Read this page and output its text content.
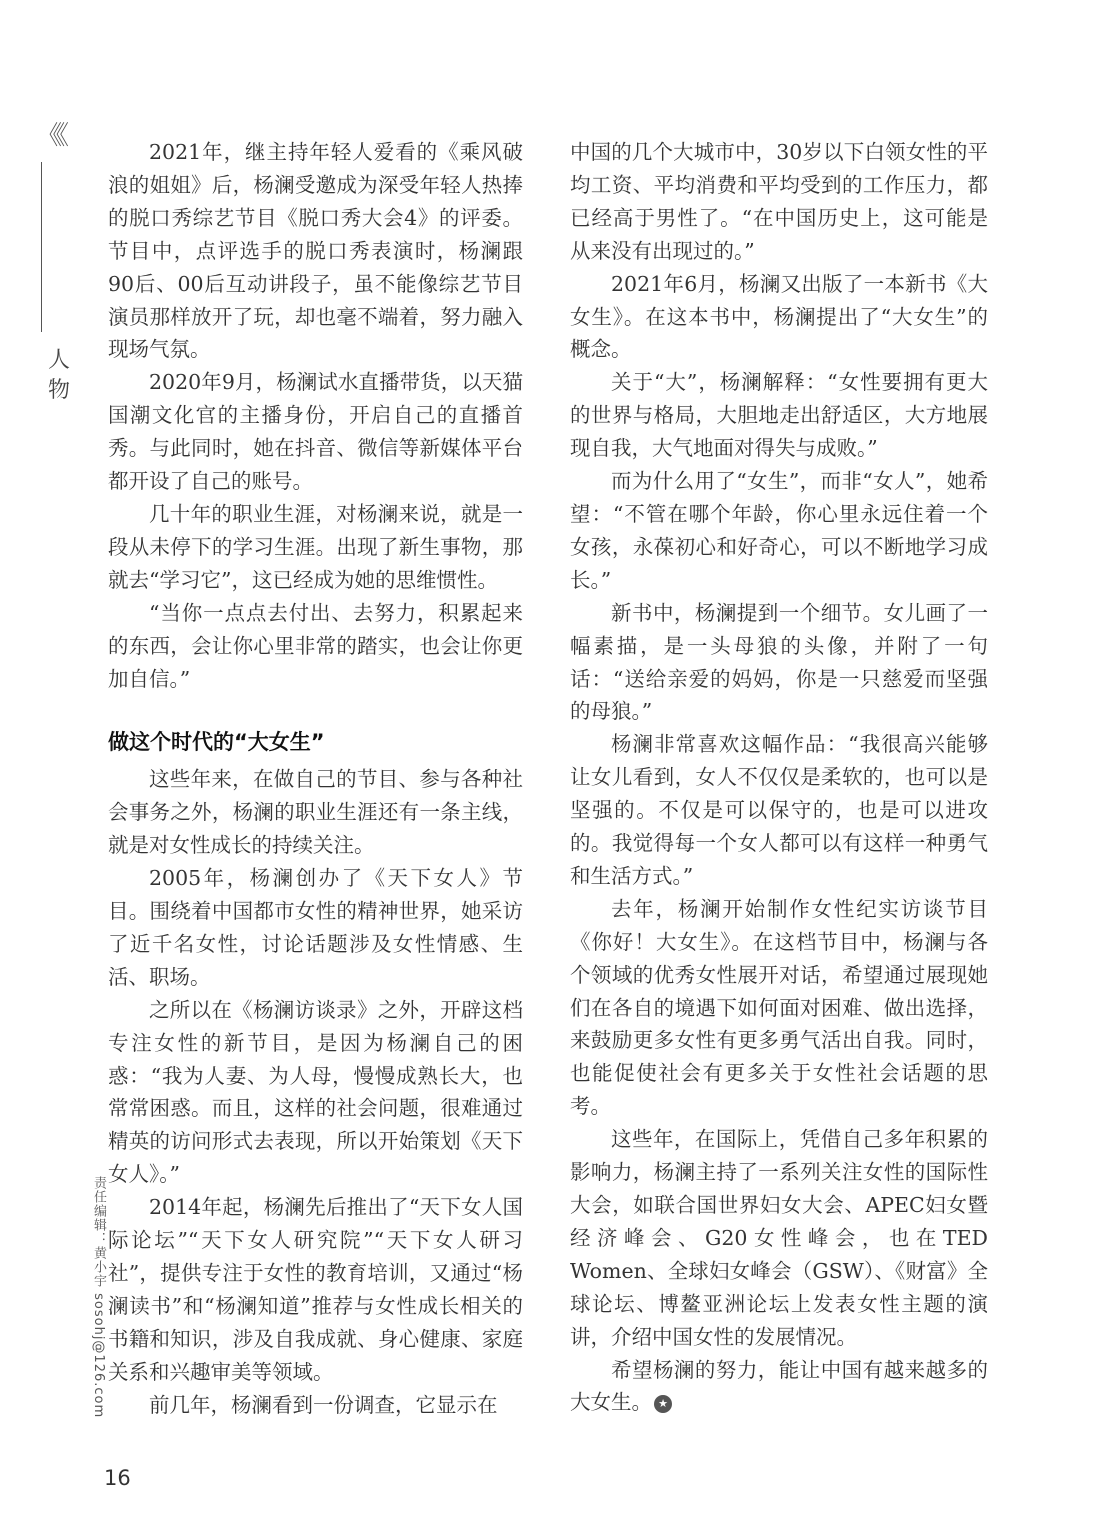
《《
人物
责任编辑：黄小宇 sosohj@126.com

2021年，继主持年轻人爱看的《乘风破浪的姐姐》后，杨澜受邀成为深受年轻人热捧的脱口秀综艺节目《脱口秀大会4》的评委。节目中，点评选手的脱口秀表演时，杨澜跟90后、00后互动讲段子，虽不能像综艺节目演员那样放开了玩，却也毫不端着，努力融入现场气氛。

2020年9月，杨澜试水直播带货，以天猫国潮文化官的主播身份，开启自己的直播首秀。与此同时，她在抖音、微信等新媒体平台都开设了自己的账号。

几十年的职业生涯，对杨澜来说，就是一段从未停下的学习生涯。出现了新生事物，那就去“学习它”，这已经成为她的思维惯性。

“当你一点点去付出、去努力，积累起来的东西，会让你心里非常的踏实，也会让你更加自信。”

做这个时代的“大女生”

这些年来，在做自己的节目、参与各种社会事务之外，杨澜的职业生涯还有一条主线，就是对女性成长的持续关注。

2005年，杨澜创办了《天下女人》节目。围绕着中国都市女性的精神世界，她采访了近千名女性，讨论话题涉及女性情感、生活、职场。

之所以在《杨澜访谈录》之外，开辟这档专注女性的新节目，是因为杨澜自己的困惑：“我为人妻、为人母，慢慢成熟长大，也常常困惑。而且，这样的社会问题，很难通过精英的访问形式去表现，所以开始策划《天下女人》。”

2014年起，杨澜先后推出了“天下女人国际论坛”“天下女人研究院”“天下女人研习社”，提供专注于女性的教育培训，又通过“杨澜读书”和“杨澜知道”推荐与女性成长相关的书籍和知识，涉及自我成就、身心健康、家庭关系和兴趣审美等领域。

前几年，杨澜看到一份调查，它显示在

中国的几个大城市中，30岁以下白领女性的平均工资、平均消费和平均受到的工作压力，都已经高于男性了。“在中国历史上，这可能是从来没有出现过的。”

2021年6月，杨澜又出版了一本新书《大女生》。在这本书中，杨澜提出了“大女生”的概念。

关于“大”，杨澜解释：“女性要拥有更大的世界与格局，大胆地走出舒适区，大方地展现自我，大气地面对得失与成败。”

而为什么用了“女生”，而非“女人”，她希望：“不管在哪个年龄，你心里永远住着一个女孩，永葆初心和好奇心，可以不断地学习成长。”

新书中，杨澜提到一个细节。女儿画了一幅素描，是一头母狼的头像，并附了一句话：“送给亲爱的妈妈，你是一只慈爱而坚强的母狼。”

杨澜非常喜欢这幅作品：“我很高兴能够让女儿看到，女人不仅仅是柔软的，也可以是坚强的。不仅是可以保守的，也是可以进攻的。我觉得每一个女人都可以有这样一种勇气和生活方式。”

去年，杨澜开始制作女性纪实访谈节目《你好！大女生》。在这档节目中，杨澜与各个领域的优秀女性展开对话，希望通过展现她们在各自的境遇下如何面对困难、做出选择，来鼓励更多女性有更多勇气活出自我。同时，也能促使社会有更多关于女性社会话题的思考。

这些年，在国际上，凭借自己多年积累的影响力，杨澜主持了一系列关注女性的国际性大会，如联合国世界妇女大会、APEC妇女暨经济峰会、G20女性峰会，也在TED Women、全球妇女峰会（GSW）、《财富》全球论坛、博鳌亚洲论坛上发表女性主题的演讲，介绍中国女性的发展情况。

希望杨澜的努力，能让中国有越来越多的大女生。 ★

16
